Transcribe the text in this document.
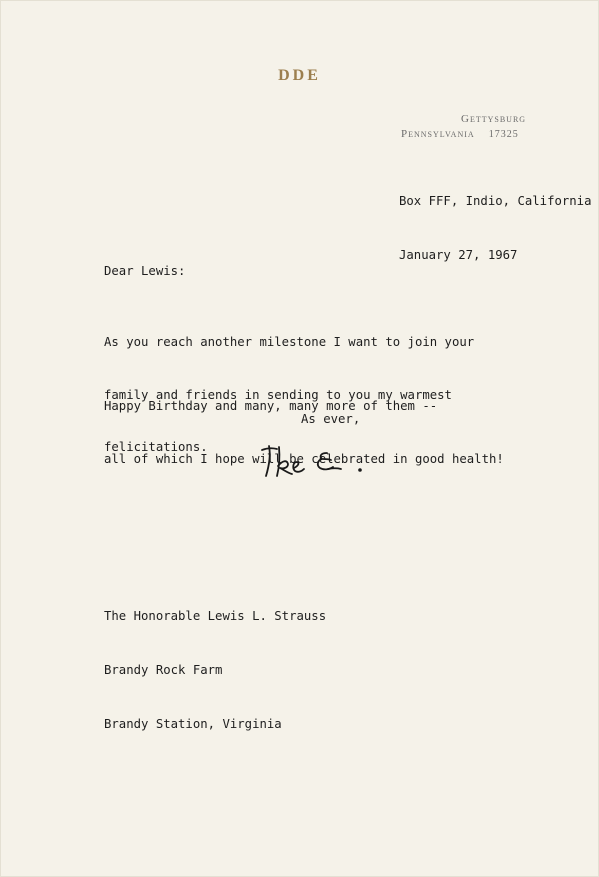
DDE
Gettysburg
Pennsylvania 17325

Box FFF, Indio, California

January 27, 1967

Dear Lewis:

As you reach another milestone I want to join your

family and friends in sending to you my warmest

felicitations.

Happy Birthday and many, many more of them --

all of which I hope will be celebrated in good health!

As ever,

The Honorable Lewis L. Strauss

Brandy Rock Farm

Brandy Station, Virginia
